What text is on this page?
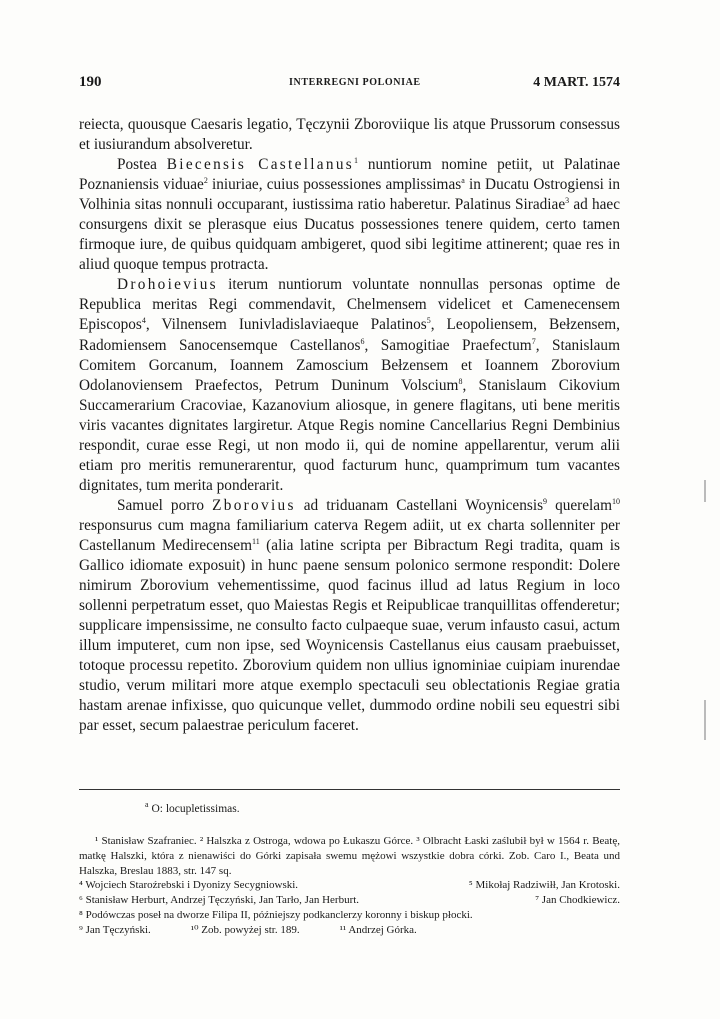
190	INTERREGNI POLONIAE	4 MART. 1574

reiecta, quousque Caesaris legatio, Tęczynii Zboroviique lis atque Prussorum consessus et iusiurandum absolveretur.

Postea Biecensis Castellanus$^1$ nuntiorum nomine petiit, ut Palatinae Poznaniensis viduae$^2$ iniuriae, cuius possessiones amplissimas$^a$ in Ducatu Ostrogiensi in Volhinia sitas nonnuli occuparant, iustissima ratio haberetur. Palatinus Siradiae$^3$ ad haec consurgens dixit se plerasque eius Ducatus possessiones tenere quidem, certo tamen firmoque iure, de quibus quidquam ambigeret, quod sibi legitime attinerent; quae res in aliud quoque tempus protracta.

Drohoievius iterum nuntiorum voluntate nonnullas personas optime de Republica meritas Regi commendavit, Chelmensem videlicet et Camenecensem Episcopos$^4$, Vilnensem Iunivladislaviaeque Palatinos$^5$, Leopoliensem, Bełzensem, Radomiensem Sanocensemque Castellanos$^6$, Samogitiae Praefectum$^7$, Stanislaum Comitem Gorcanum, Ioannem Zamoscium Bełzensem et Ioannem Zborovium Odolanoviensem Praefectos, Petrum Duninum Volscium$^8$, Stanislaum Cikovium Succamerarium Cracoviae, Kazanovium aliosque, in genere flagitans, uti bene meritis viris vacantes dignitates largiretur. Atque Regis nomine Cancellarius Regni Dembinius respondit, curae esse Regi, ut non modo ii, qui de nomine appellarentur, verum alii etiam pro meritis remunerarentur, quod facturum hunc, quamprimum tum vacantes dignitates, tum merita ponderarit.

Samuel porro Zborovius ad triduanam Castellani Woynicensis$^9$ querelam$^{10}$ responsurus cum magna familiarium caterva Regem adiit, ut ex charta sollenniter per Castellanum Medirecensem$^{11}$ (alia latine scripta per Bibractum Regi tradita, quam is Gallico idiomate exposuit) in hunc paene sensum polonico sermone respondit: Dolere nimirum Zborovium vehementissime, quod facinus illud ad latus Regium in loco sollenni perpetratum esset, quo Maiestas Regis et Reipublicae tranquillitas offenderetur; supplicare impensissime, ne consulto facto culpaeque suae, verum infausto casui, actum illum imputeret, cum non ipse, sed Woynicensis Castellanus eius causam praebuisset, totoque processu repetito. Zborovium quidem non ullius ignominiae cuipiam inurendae studio, verum militari more atque exemplo spectaculi seu oblectationis Regiae gratia hastam arenae infixisse, quo quicunque vellet, dummodo ordine nobili seu equestri sibi par esset, secum palaestrae periculum faceret.

$^a$ O: locupletissimas.

¹ Stanisław Szafraniec. ² Halszka z Ostroga, wdowa po Łukaszu Górce. ³ Olbracht Łaski zaślubił był w 1564 r. Beatę, matkę Halszki, która z nienawiści do Górki zapisała swemu mężowi wszystkie dobra córki. Zob. Caro I., Beata und Halszka, Breslau 1883, str. 147 sq.

⁴ Wojciech Staroźrebski i Dyonizy Secygniowski.	⁵ Mikołaj Radziwiłł, Jan Krotoski.
⁶ Stanisław Herburt, Andrzej Tęczyński, Jan Tarło, Jan Herburt.	⁷ Jan Chodkiewicz.

⁸ Podówczas poseł na dworze Filipa II, późniejszy podkanclerzy koronny i biskup płocki.

⁹ Jan Tęczyński.	¹⁰ Zob. powyżej str. 189.	¹¹ Andrzej Górka.
